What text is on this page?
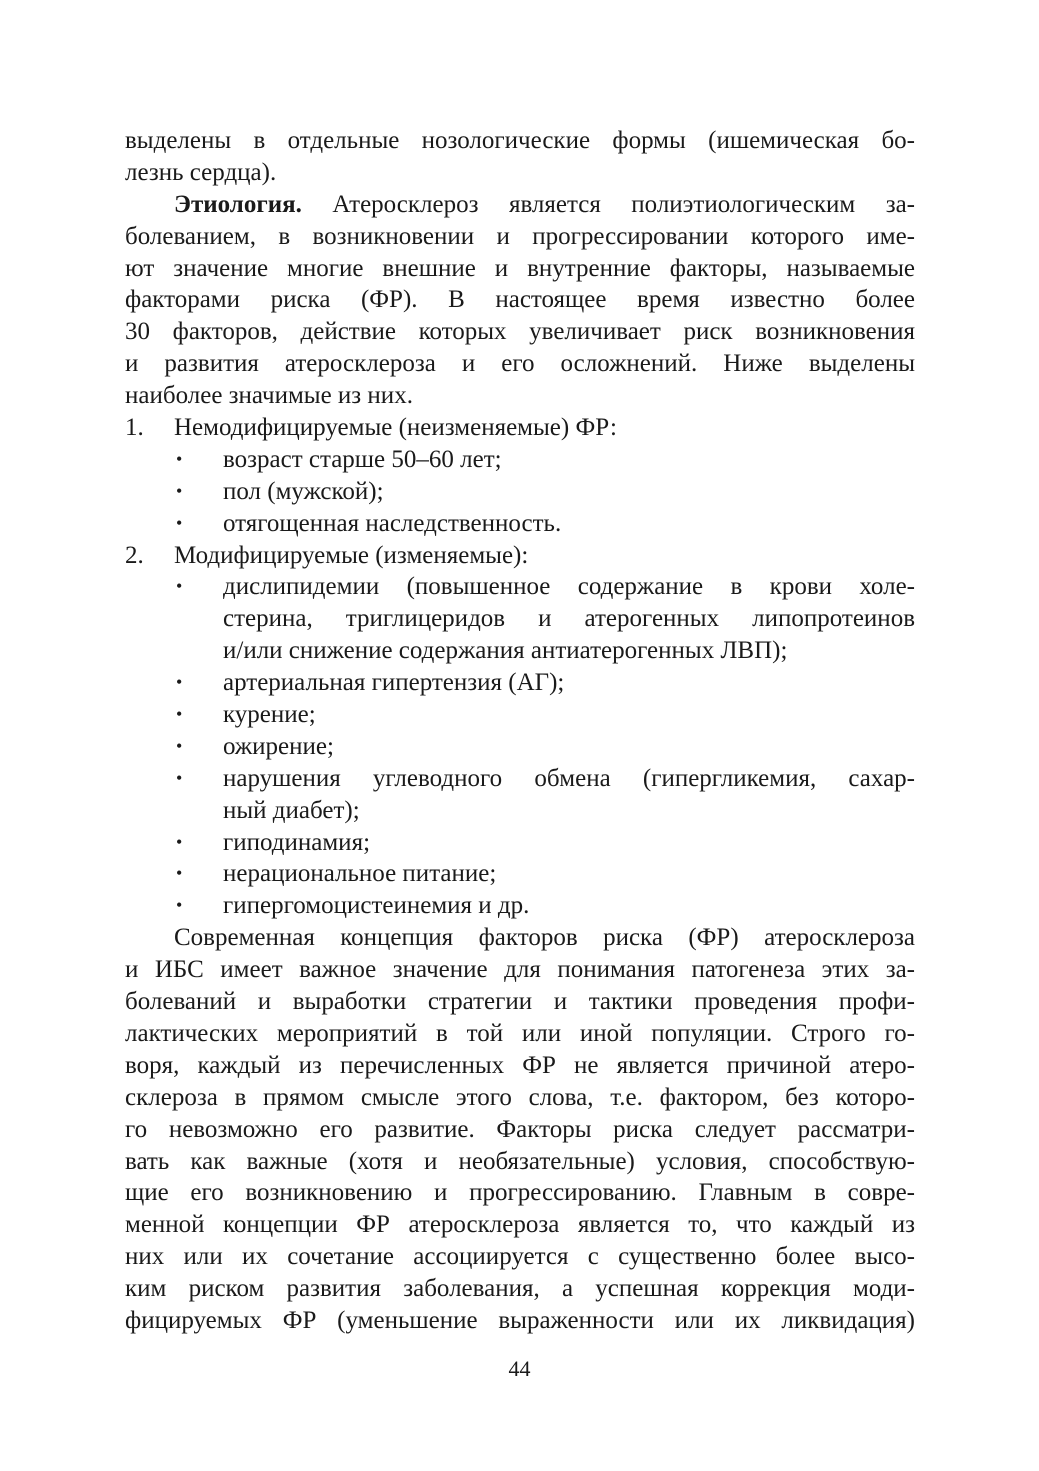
выделены в отдельные нозологические формы (ишемическая бо-
лезнь сердца).
Этиология. Атеросклероз является полиэтиологическим за-
болеванием, в возникновении и прогрессировании которого име-
ют значение многие внешние и внутренние факторы, называемые
факторами риска (ФР). В настоящее время известно более
30 факторов, действие которых увеличивает риск возникновения
и развития атеросклероза и его осложнений. Ниже выделены
наиболее значимые из них.
1. Немодифицируемые (неизменяемые) ФР:
• возраст старше 50–60 лет;
• пол (мужской);
• отягощенная наследственность.
2. Модифицируемые (изменяемые):
• дислипидемии (повышенное содержание в крови холе-
стерина, триглицеридов и атерогенных липопротеинов
и/или снижение содержания антиатерогенных ЛВП);
• артериальная гипертензия (АГ);
• курение;
• ожирение;
• нарушения углеводного обмена (гипергликемия, сахар-
ный диабет);
• гиподинамия;
• нерациональное питание;
• гипергомоцистеинемия и др.
Современная концепция факторов риска (ФР) атеросклероза
и ИБС имеет важное значение для понимания патогенеза этих за-
болеваний и выработки стратегии и тактики проведения профи-
лактических мероприятий в той или иной популяции. Строго го-
воря, каждый из перечисленных ФР не является причиной атеро-
склероза в прямом смысле этого слова, т.е. фактором, без которо-
го невозможно его развитие. Факторы риска следует рассматри-
вать как важные (хотя и необязательные) условия, способствую-
щие его возникновению и прогрессированию. Главным в совре-
менной концепции ФР атеросклероза является то, что каждый из
них или их сочетание ассоциируется с существенно более высо-
ким риском развития заболевания, а успешная коррекция моди-
фицируемых ФР (уменьшение выраженности или их ликвидация)
44
